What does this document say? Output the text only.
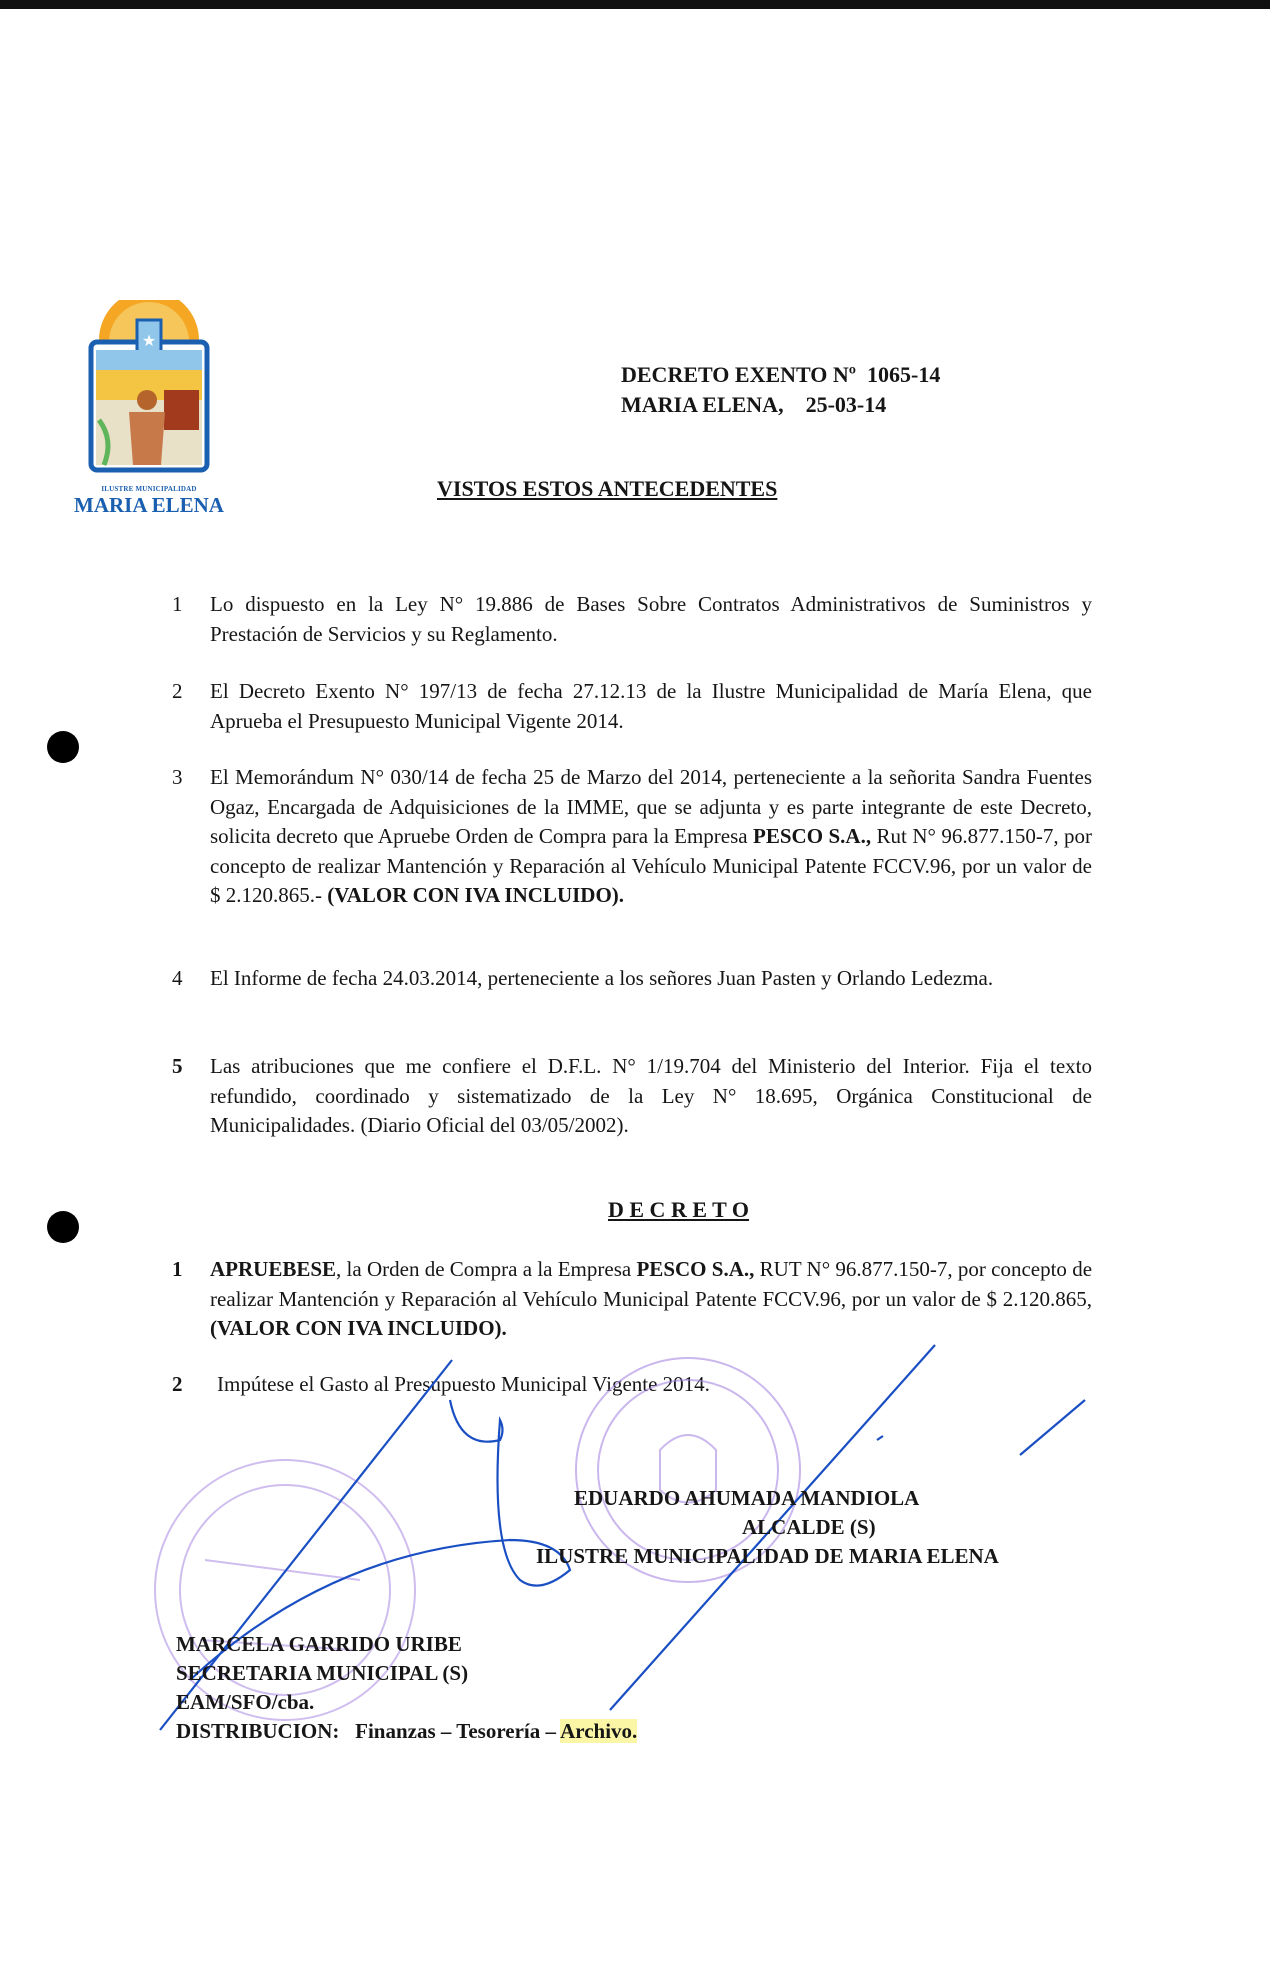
★
ILUSTRE MUNICIPALIDAD
MARIA ELENA
DECRETO EXENTO Nº  1065-14
MARIA ELENA,    25-03-14
VISTOS ESTOS ANTECEDENTES
1 Lo dispuesto en la Ley N° 19.886 de Bases Sobre Contratos Administrativos de Suministros y Prestación de Servicios y su Reglamento.
2 El Decreto Exento N° 197/13 de fecha 27.12.13 de la Ilustre Municipalidad de María Elena, que Aprueba el Presupuesto Municipal Vigente 2014.
3 El Memorándum N° 030/14 de fecha 25 de Marzo del 2014, perteneciente a la señorita Sandra Fuentes Ogaz, Encargada de Adquisiciones de la IMME, que se adjunta y es parte integrante de este Decreto, solicita decreto que Apruebe Orden de Compra para la Empresa PESCO S.A., Rut N° 96.877.150-7, por concepto de realizar Mantención y Reparación al Vehículo Municipal Patente FCCV.96, por un valor de $ 2.120.865.- (VALOR CON IVA INCLUIDO).
4 El Informe de fecha 24.03.2014, perteneciente a los señores Juan Pasten y Orlando Ledezma.
5 Las atribuciones que me confiere el D.F.L. N° 1/19.704 del Ministerio del Interior. Fija el texto refundido, coordinado y sistematizado de la Ley N° 18.695, Orgánica Constitucional de Municipalidades. (Diario Oficial del 03/05/2002).
D E C R E T O
1 APRUEBESE, la Orden de Compra a la Empresa PESCO S.A., RUT N° 96.877.150-7, por concepto de realizar Mantención y Reparación al Vehículo Municipal Patente FCCV.96, por un valor de $ 2.120.865, (VALOR CON IVA INCLUIDO).
2 Impútese el Gasto al Presupuesto Municipal Vigente 2014.
EDUARDO AHUMADA MANDIOLA
ALCALDE (S)
ILUSTRE MUNICIPALIDAD DE MARIA ELENA
MARCELA GARRIDO URIBE
SECRETARIA MUNICIPAL (S)
EAM/SFO/cba.
DISTRIBUCION: Finanzas – Tesorería – Archivo.
